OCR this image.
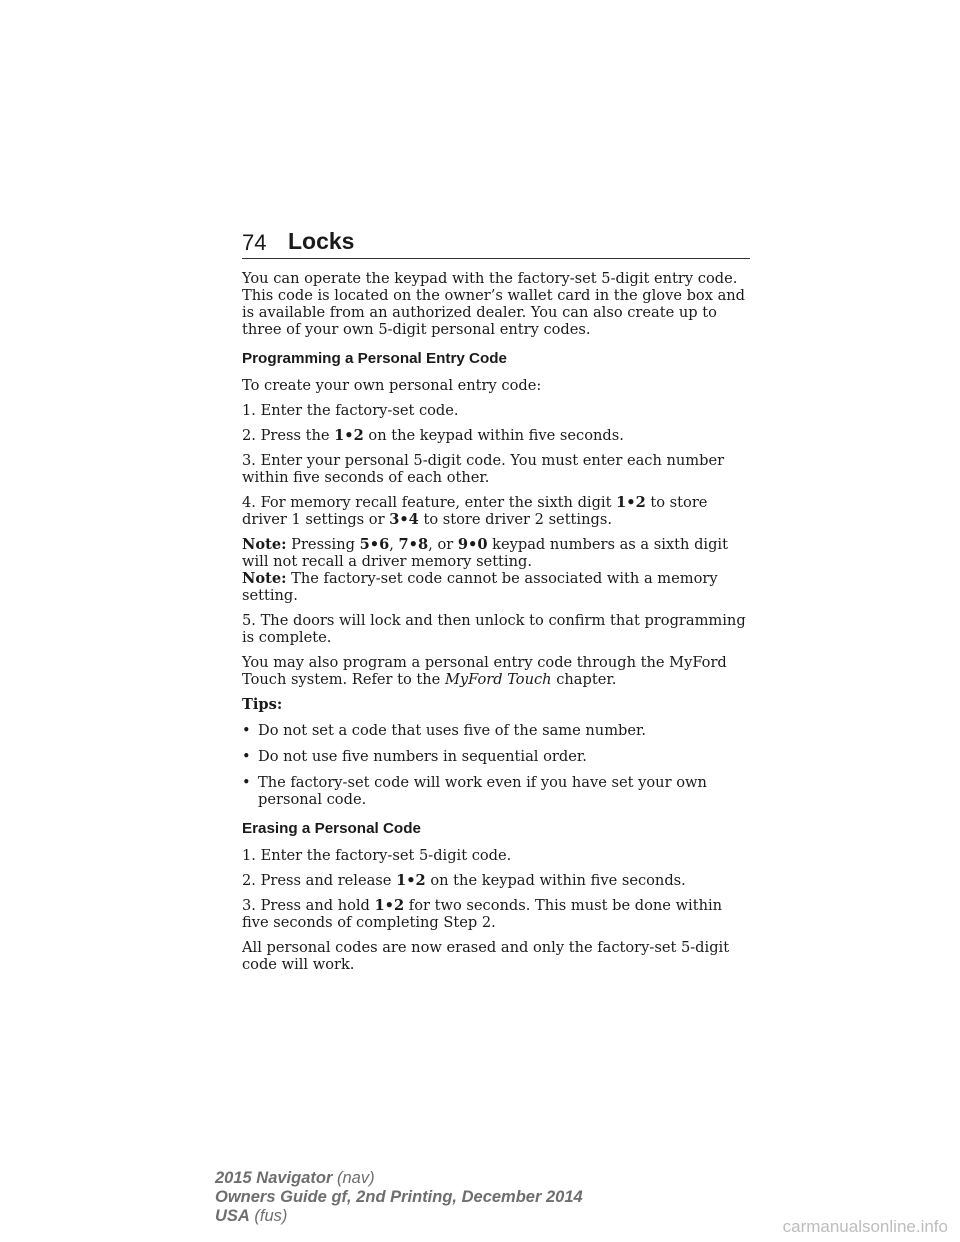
74 Locks

You can operate the keypad with the factory-set 5-digit entry code. This code is located on the owner’s wallet card in the glove box and is available from an authorized dealer. You can also create up to three of your own 5-digit personal entry codes.

Programming a Personal Entry Code

To create your own personal entry code:

1. Enter the factory-set code.

2. Press the 1•2 on the keypad within five seconds.

3. Enter your personal 5-digit code. You must enter each number within five seconds of each other.

4. For memory recall feature, enter the sixth digit 1•2 to store driver 1 settings or 3•4 to store driver 2 settings.

Note: Pressing 5•6, 7•8, or 9•0 keypad numbers as a sixth digit will not recall a driver memory setting.

Note: The factory-set code cannot be associated with a memory setting.

5. The doors will lock and then unlock to confirm that programming is complete.

You may also program a personal entry code through the MyFord Touch system. Refer to the MyFord Touch chapter.

Tips:
• Do not set a code that uses five of the same number.
• Do not use five numbers in sequential order.
• The factory-set code will work even if you have set your own personal code.
Erasing a Personal Code

1. Enter the factory-set 5-digit code.

2. Press and release 1•2 on the keypad within five seconds.

3. Press and hold 1•2 for two seconds. This must be done within five seconds of completing Step 2.

All personal codes are now erased and only the factory-set 5-digit code will work.

2015 Navigator (nav)
Owners Guide gf, 2nd Printing, December 2014
USA (fus)
carmanualsonline.info
